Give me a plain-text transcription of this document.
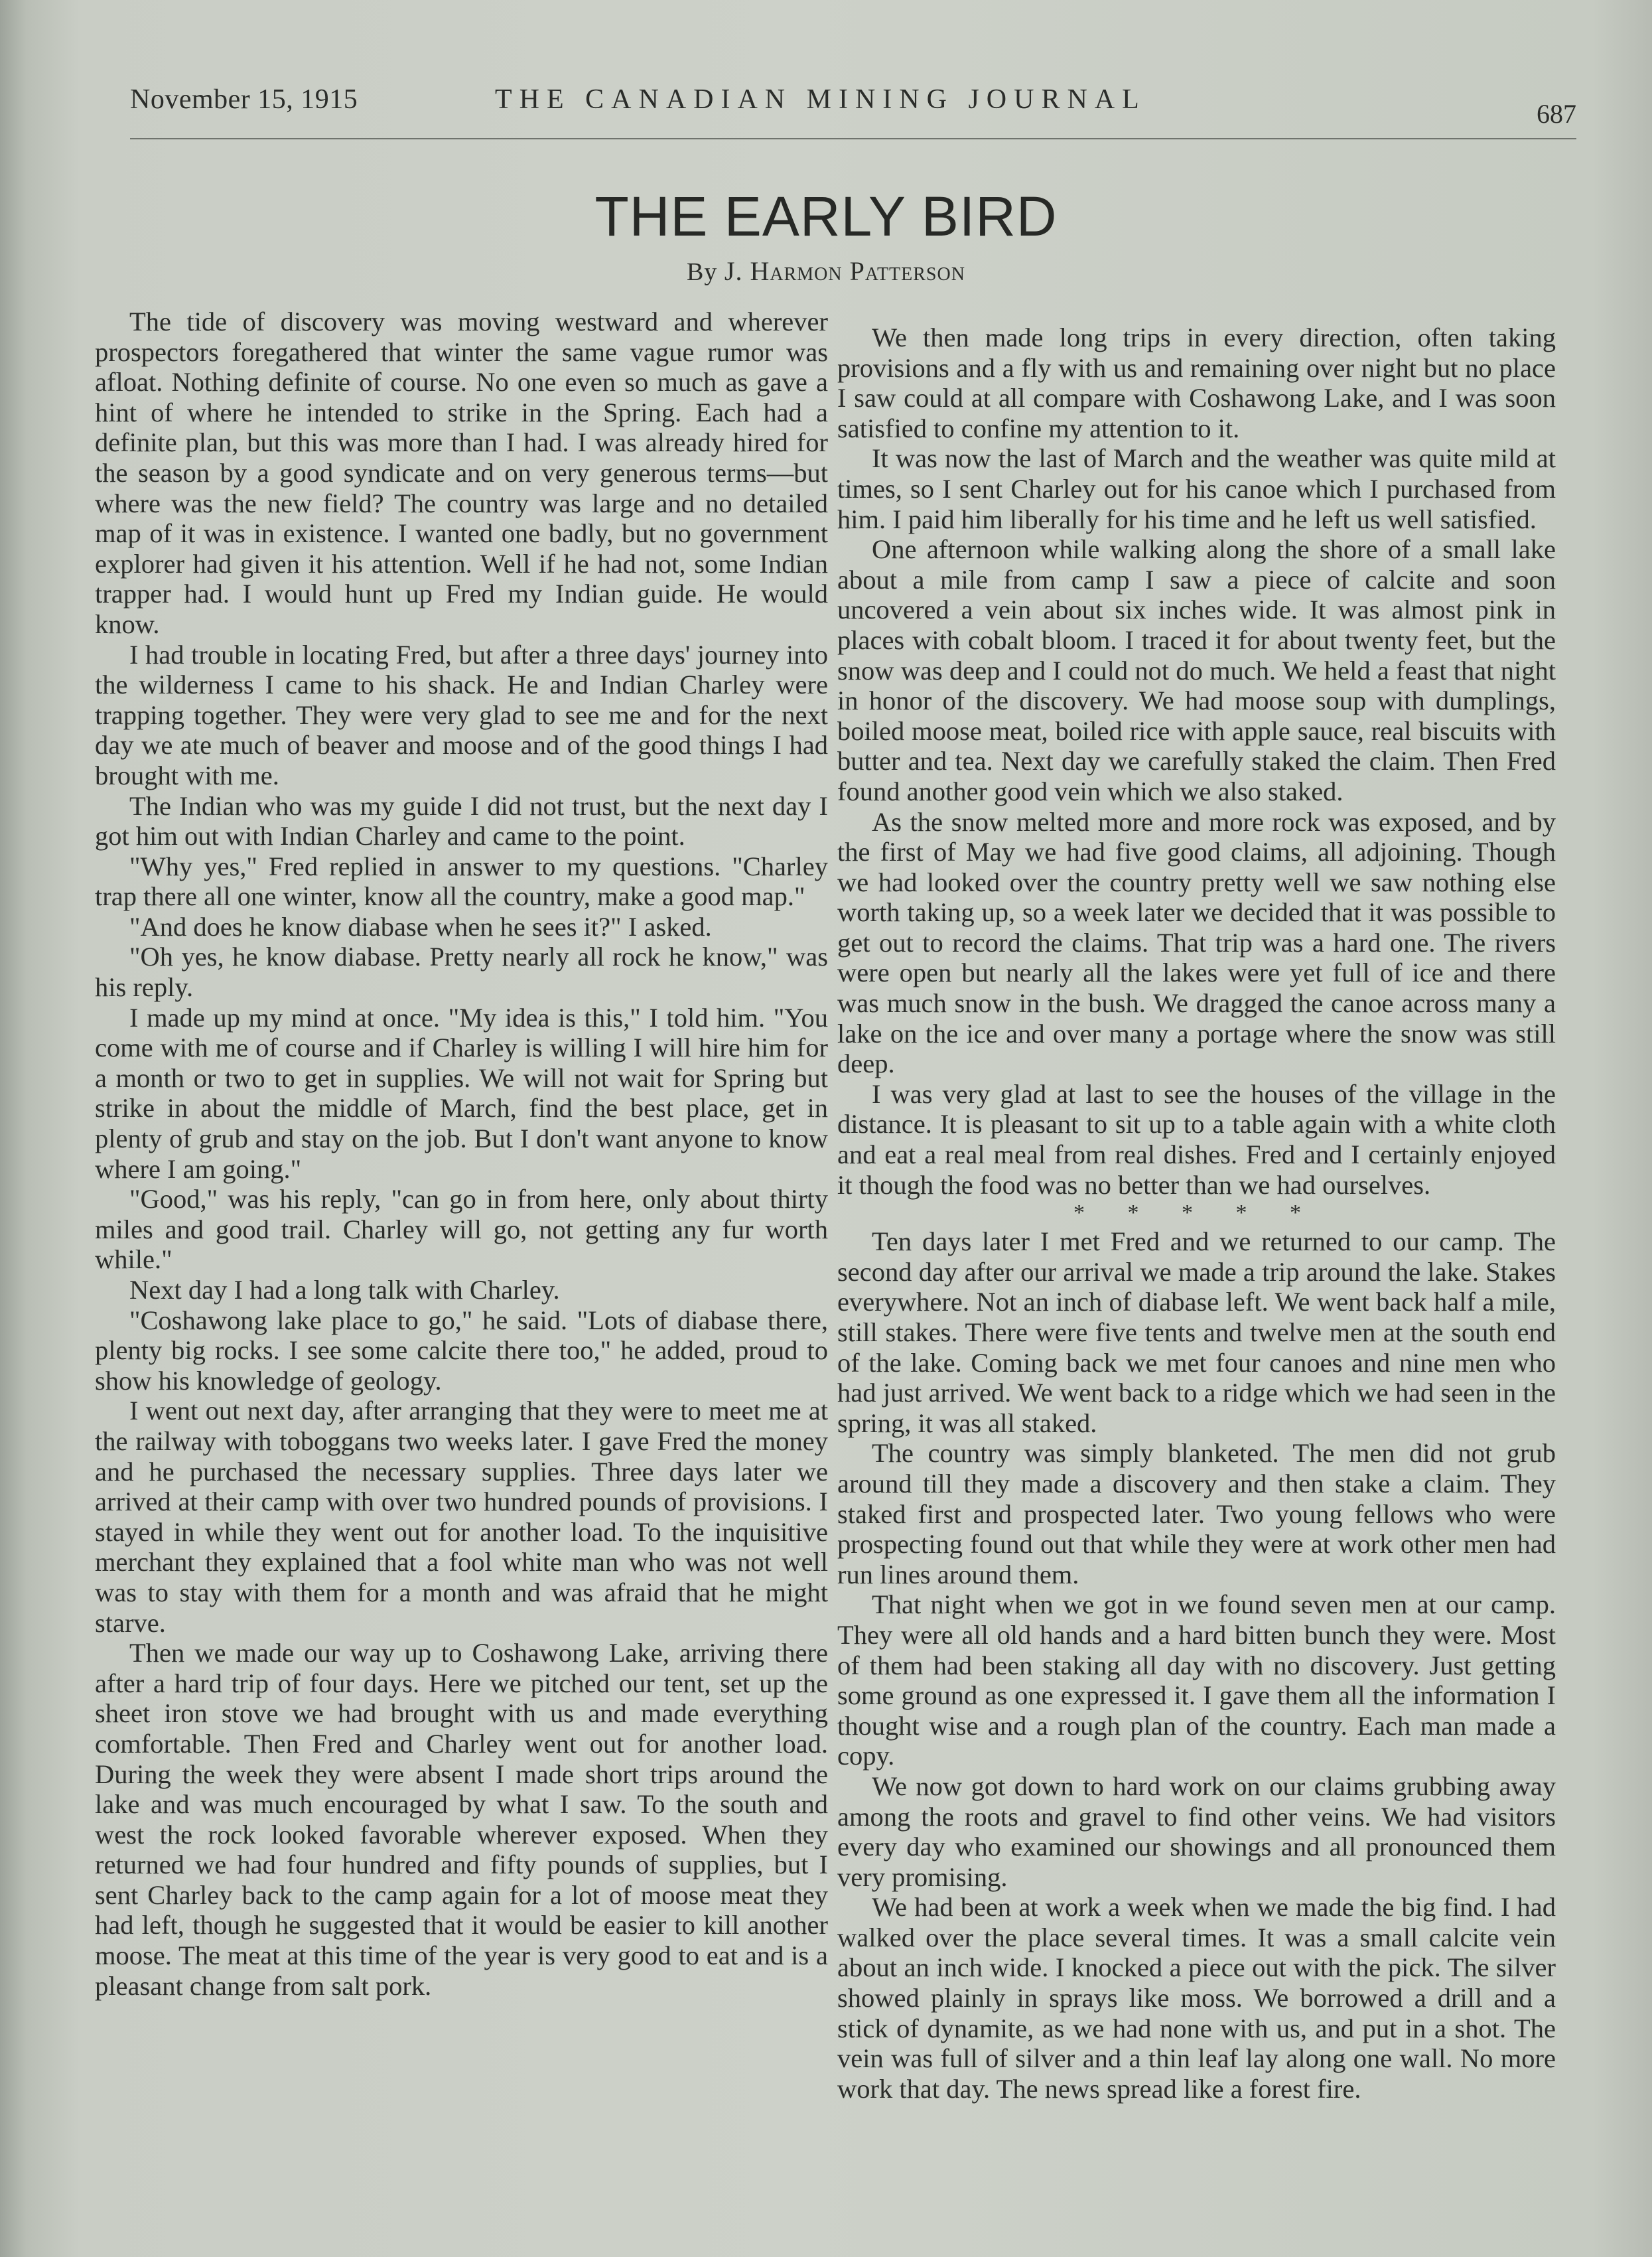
November 15, 1915	THE CANADIAN MINING JOURNAL	687
THE EARLY BIRD
By J. Harmon Patterson

The tide of discovery was moving westward and wherever prospectors foregathered that winter the same vague rumor was afloat. Nothing definite of course. No one even so much as gave a hint of where he intended to strike in the Spring. Each had a definite plan, but this was more than I had. I was already hired for the season by a good syndicate and on very generous terms—but where was the new field? The country was large and no detailed map of it was in existence. I wanted one badly, but no government explorer had given it his attention. Well if he had not, some Indian trapper had. I would hunt up Fred my Indian guide. He would know.

I had trouble in locating Fred, but after a three days' journey into the wilderness I came to his shack. He and Indian Charley were trapping together. They were very glad to see me and for the next day we ate much of beaver and moose and of the good things I had brought with me.

The Indian who was my guide I did not trust, but the next day I got him out with Indian Charley and came to the point.

"Why yes," Fred replied in answer to my questions. "Charley trap there all one winter, know all the country, make a good map."

"And does he know diabase when he sees it?" I asked.

"Oh yes, he know diabase. Pretty nearly all rock he know," was his reply.

I made up my mind at once. "My idea is this," I told him. "You come with me of course and if Charley is willing I will hire him for a month or two to get in supplies. We will not wait for Spring but strike in about the middle of March, find the best place, get in plenty of grub and stay on the job. But I don't want anyone to know where I am going."

"Good," was his reply, "can go in from here, only about thirty miles and good trail. Charley will go, not getting any fur worth while."

Next day I had a long talk with Charley.

"Coshawong lake place to go," he said. "Lots of diabase there, plenty big rocks. I see some calcite there too," he added, proud to show his knowledge of geology.

I went out next day, after arranging that they were to meet me at the railway with toboggans two weeks later. I gave Fred the money and he purchased the necessary supplies. Three days later we arrived at their camp with over two hundred pounds of provisions. I stayed in while they went out for another load. To the inquisitive merchant they explained that a fool white man who was not well was to stay with them for a month and was afraid that he might starve.

Then we made our way up to Coshawong Lake, arriving there after a hard trip of four days. Here we pitched our tent, set up the sheet iron stove we had brought with us and made everything comfortable. Then Fred and Charley went out for another load. During the week they were absent I made short trips around the lake and was much encouraged by what I saw. To the south and west the rock looked favorable wherever exposed. When they returned we had four hundred and fifty pounds of supplies, but I sent Charley back to the camp again for a lot of moose meat they had left, though he suggested that it would be easier to kill another moose. The meat at this time of the year is very good to eat and is a pleasant change from salt pork.

We then made long trips in every direction, often taking provisions and a fly with us and remaining over night but no place I saw could at all compare with Coshawong Lake, and I was soon satisfied to confine my attention to it.

It was now the last of March and the weather was quite mild at times, so I sent Charley out for his canoe which I purchased from him. I paid him liberally for his time and he left us well satisfied.

One afternoon while walking along the shore of a small lake about a mile from camp I saw a piece of calcite and soon uncovered a vein about six inches wide. It was almost pink in places with cobalt bloom. I traced it for about twenty feet, but the snow was deep and I could not do much. We held a feast that night in honor of the discovery. We had moose soup with dumplings, boiled moose meat, boiled rice with apple sauce, real biscuits with butter and tea. Next day we carefully staked the claim. Then Fred found another good vein which we also staked.

As the snow melted more and more rock was exposed, and by the first of May we had five good claims, all adjoining. Though we had looked over the country pretty well we saw nothing else worth taking up, so a week later we decided that it was possible to get out to record the claims. That trip was a hard one. The rivers were open but nearly all the lakes were yet full of ice and there was much snow in the bush. We dragged the canoe across many a lake on the ice and over many a portage where the snow was still deep.

I was very glad at last to see the houses of the village in the distance. It is pleasant to sit up to a table again with a white cloth and eat a real meal from real dishes. Fred and I certainly enjoyed it though the food was no better than we had ourselves.

* * * * *

Ten days later I met Fred and we returned to our camp. The second day after our arrival we made a trip around the lake. Stakes everywhere. Not an inch of diabase left. We went back half a mile, still stakes. There were five tents and twelve men at the south end of the lake. Coming back we met four canoes and nine men who had just arrived. We went back to a ridge which we had seen in the spring, it was all staked.

The country was simply blanketed. The men did not grub around till they made a discovery and then stake a claim. They staked first and prospected later. Two young fellows who were prospecting found out that while they were at work other men had run lines around them.

That night when we got in we found seven men at our camp. They were all old hands and a hard bitten bunch they were. Most of them had been staking all day with no discovery. Just getting some ground as one expressed it. I gave them all the information I thought wise and a rough plan of the country. Each man made a copy.

We now got down to hard work on our claims grubbing away among the roots and gravel to find other veins. We had visitors every day who examined our showings and all pronounced them very promising.

We had been at work a week when we made the big find. I had walked over the place several times. It was a small calcite vein about an inch wide. I knocked a piece out with the pick. The silver showed plainly in sprays like moss. We borrowed a drill and a stick of dynamite, as we had none with us, and put in a shot. The vein was full of silver and a thin leaf lay along one wall. No more work that day. The news spread like a forest fire.
